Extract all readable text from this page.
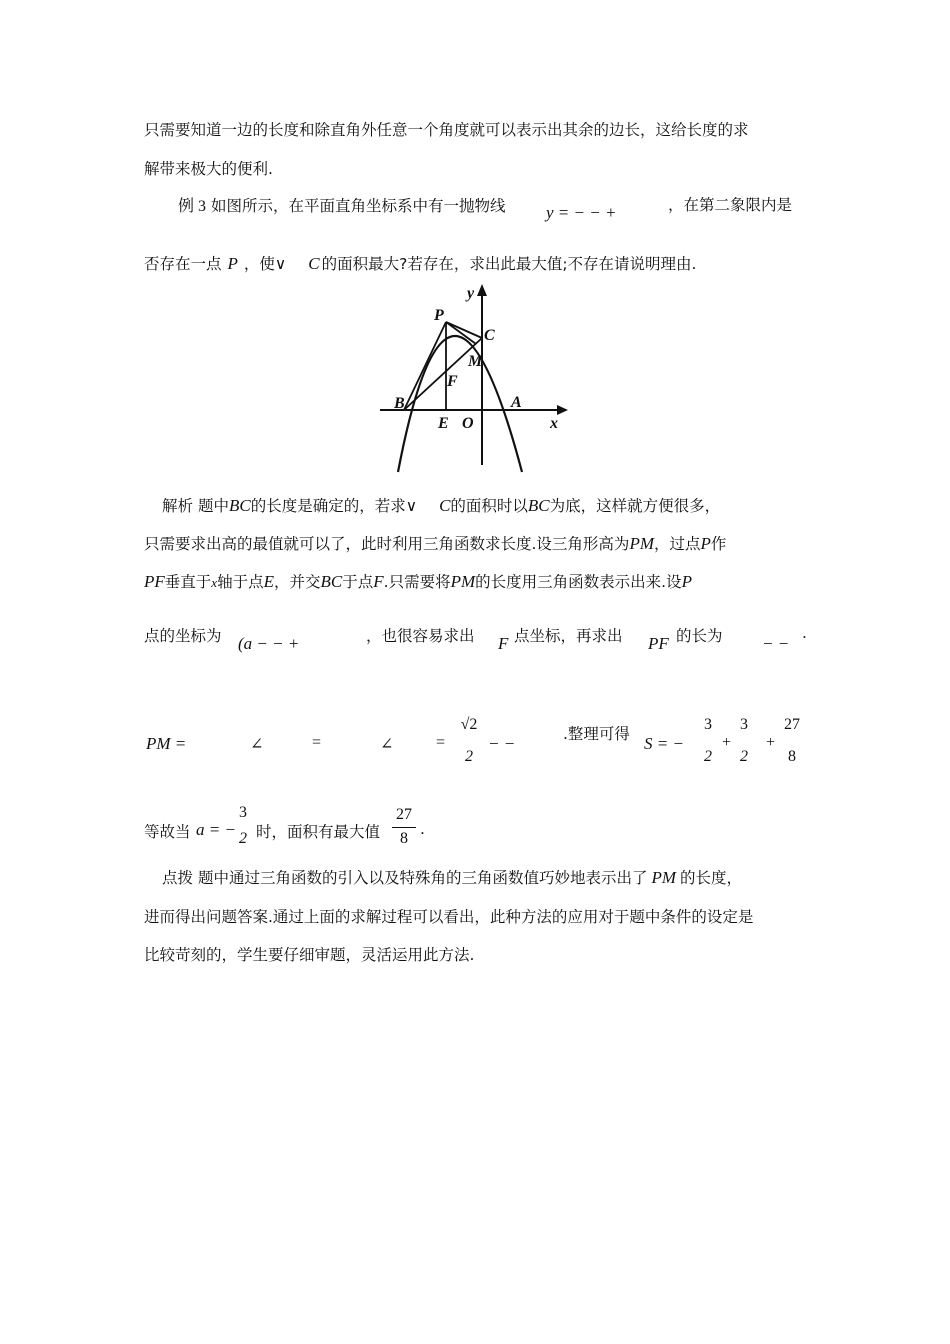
只需要知道一边的长度和除直角外任意一个角度就可以表示出其余的边长，这给长度的求
解带来极大的便利.
例 3 如图所示，在平面直角坐标系中有一抛物线 y = − − +	，在第二象限内是
否存在一点 P ，使∨ C 的面积最大?若存在，求出此最大值;不存在请说明理由.
y
x
P
C
M
F
B	A
E O
解析 题中BC的长度是确定的，若求∨ C的面积时以BC为底，这样就方便很多，
只需要求出高的最值就可以了，此时利用三角函数求长度.设三角形高为PM，过点P作
PF垂直于x轴于点E，并交BC于点F.只需要将PM的长度用三角函数表示出来.设P
点的坐标为 (a − − +	，也很容易求出 F 点坐标，再求出 PF 的长为 − −
.
PM =	∠	=	∠	=
√2
2
− −	.整理可得 S = −
3
2
+
3
2
+
27
8
等故当 a = −
3
2 时，面积有最大值
27
8
.
点拨 题中通过三角函数的引入以及特殊角的三角函数值巧妙地表示出了 PM 的长度，
进而得出问题答案.通过上面的求解过程可以看出，此种方法的应用对于题中条件的设定是
比较苛刻的，学生要仔细审题，灵活运用此方法.
